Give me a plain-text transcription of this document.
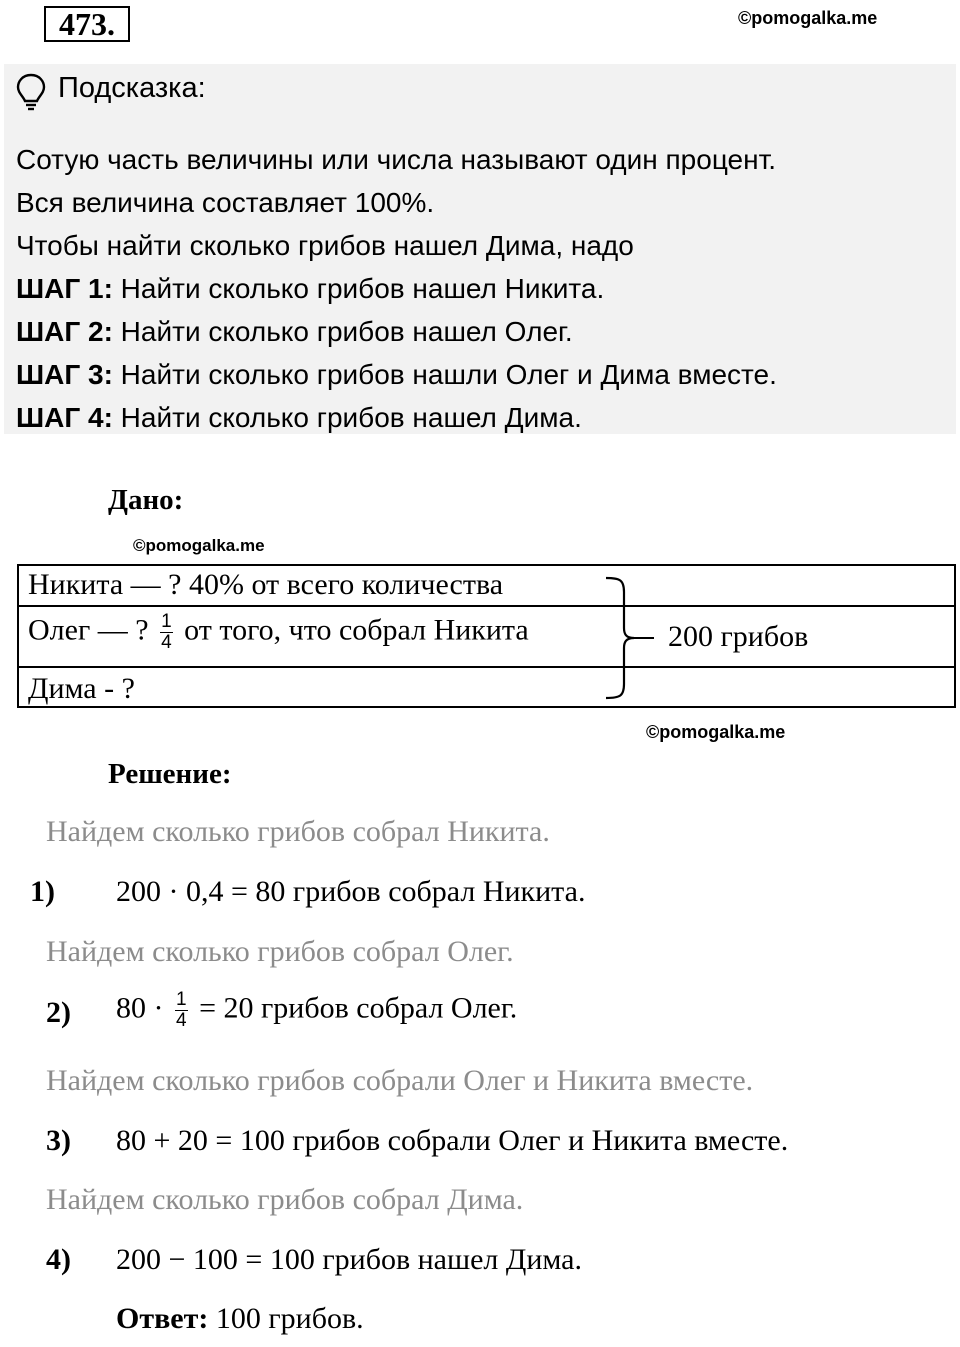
473.	©pomogalka.me
Подсказка:
Сотую часть величины или числа называют один процент.
Вся величина составляет 100%.
Чтобы найти сколько грибов нашел Дима, надо
ШАГ 1: Найти сколько грибов нашел Никита.
ШАГ 2: Найти сколько грибов нашел Олег.
ШАГ 3: Найти сколько грибов нашли Олег и Дима вместе.
ШАГ 4: Найти сколько грибов нашел Дима.
Дано:
©pomogalka.me
Никита — ? 40% от всего количества
Олег — ? $\frac{1}{4}$ от того, что собрал Никита
Дима - ?
200 грибов
©pomogalka.me
Решение:
Найдем сколько грибов собрал Никита.
1) 200 · 0,4 = 80 грибов собрал Никита.
Найдем сколько грибов собрал Олег.
2) $80 \cdot \frac{1}{4} = 20$ грибов собрал Олег.
Найдем сколько грибов собрали Олег и Никита вместе.
3) 80 + 20 = 100 грибов собрали Олег и Никита вместе.
Найдем сколько грибов собрал Дима.
4) 200 − 100 = 100 грибов нашел Дима.
Ответ: 100 грибов.
